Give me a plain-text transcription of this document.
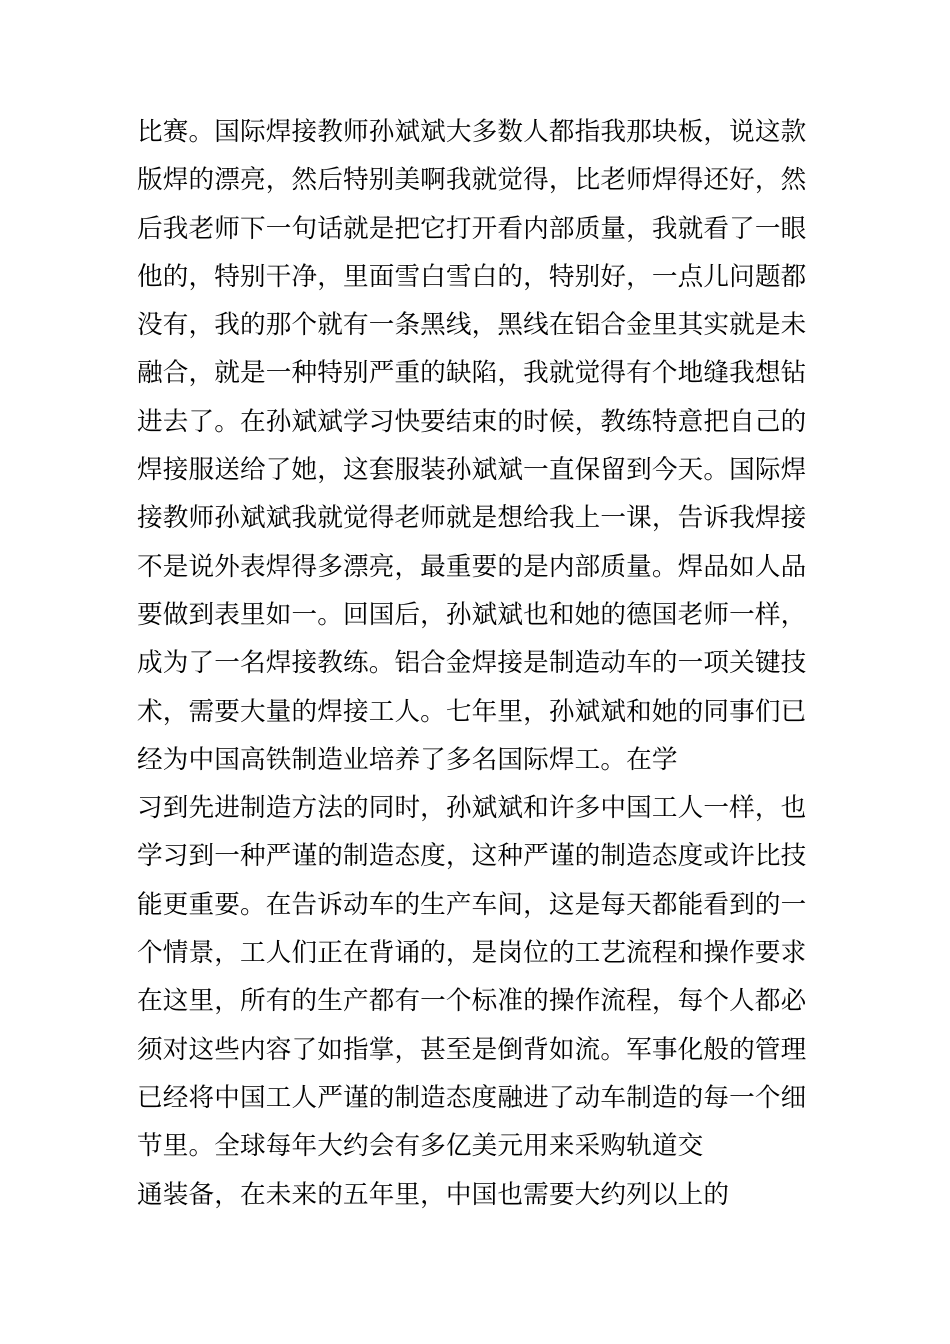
比赛。国际焊接教师孙斌斌大多数人都指我那块板，说这款
版焊的漂亮，然后特别美啊我就觉得，比老师焊得还好，然
后我老师下一句话就是把它打开看内部质量，我就看了一眼
他的，特别干净，里面雪白雪白的，特别好，一点儿问题都
没有，我的那个就有一条黑线，黑线在铝合金里其实就是未
融合，就是一种特别严重的缺陷，我就觉得有个地缝我想钻
进去了。在孙斌斌学习快要结束的时候，教练特意把自己的
焊接服送给了她，这套服装孙斌斌一直保留到今天。国际焊
接教师孙斌斌我就觉得老师就是想给我上一课，告诉我焊接
不是说外表焊得多漂亮，最重要的是内部质量。焊品如人品
要做到表里如一。回国后，孙斌斌也和她的德国老师一样，
成为了一名焊接教练。铝合金焊接是制造动车的一项关键技
术，需要大量的焊接工人。七年里，孙斌斌和她的同事们已
经为中国高铁制造业培养了多名国际焊工。在学
习到先进制造方法的同时，孙斌斌和许多中国工人一样，也
学习到一种严谨的制造态度，这种严谨的制造态度或许比技
能更重要。在告诉动车的生产车间，这是每天都能看到的一
个情景，工人们正在背诵的，是岗位的工艺流程和操作要求
在这里，所有的生产都有一个标准的操作流程，每个人都必
须对这些内容了如指掌，甚至是倒背如流。军事化般的管理
已经将中国工人严谨的制造态度融进了动车制造的每一个细
节里。全球每年大约会有多亿美元用来采购轨道交
通装备，在未来的五年里，中国也需要大约列以上的
